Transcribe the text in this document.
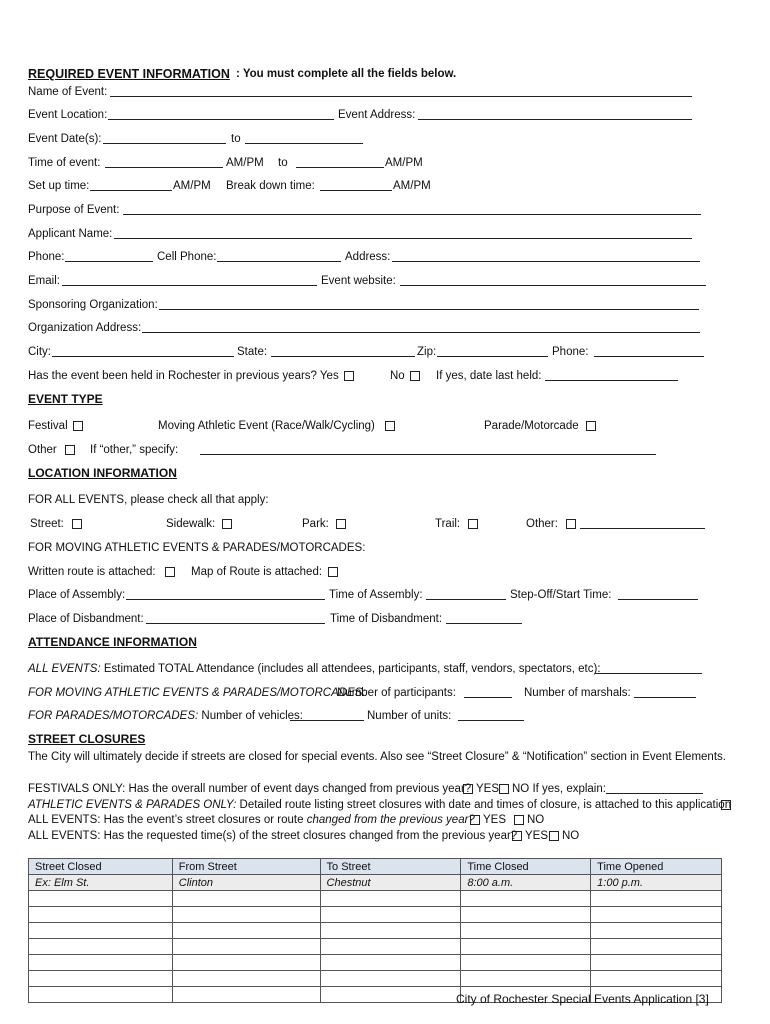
REQUIRED EVENT INFORMATION : You must complete all the fields below.
Name of Event:
Event Location:	Event Address:
Event Date(s):	to
Time of event:	AM/PM to	AM/PM
Set up time:	AM/PM Break down time:	AM/PM
Purpose of Event:
Applicant Name:
Phone:	Cell Phone:	Address:
Email:	Event website:
Sponsoring Organization:
Organization Address:
City:	State:	Zip:	Phone:
Has the event been held in Rochester in previous years? Yes	No	If yes, date last held:
EVENT TYPE
Festival	Moving Athletic Event (Race/Walk/Cycling)	Parade/Motorcade
Other	If “other,” specify:
LOCATION INFORMATION
FOR ALL EVENTS, please check all that apply:
Street:	Sidewalk:	Park:	Trail:	Other:
FOR MOVING ATHLETIC EVENTS & PARADES/MOTORCADES:
Written route is attached:	Map of Route is attached:
Place of Assembly:	Time of Assembly:	Step-Off/Start Time:
Place of Disbandment:	Time of Disbandment:
ATTENDANCE INFORMATION
ALL EVENTS: Estimated TOTAL Attendance (includes all attendees, participants, staff, vendors, spectators, etc):
FOR MOVING ATHLETIC EVENTS & PARADES/MOTORCADES:
Number of participants:	Number of marshals:
FOR PARADES/MOTORCADES: Number of vehicles:	Number of units:
STREET CLOSURES
The City will ultimately decide if streets are closed for special events. Also see “Street Closure” & “Notification” section in Event Elements.
FESTIVALS ONLY: Has the overall number of event days changed from previous year? YES NO If yes, explain:
ATHLETIC EVENTS & PARADES ONLY: Detailed route listing street closures with date and times of closure, is attached to this application
ALL EVENTS: Has the event’s street closures or route changed from the previous year? YES NO
ALL EVENTS: Has the requested time(s) of the street closures changed from the previous year? YES NO
Street Closed	From Street	To Street	Time Closed	Time Opened
Ex: Elm St.	Clinton	Chestnut	8:00 a.m.	1:00 p.m.

City of Rochester Special Events Application [3]
